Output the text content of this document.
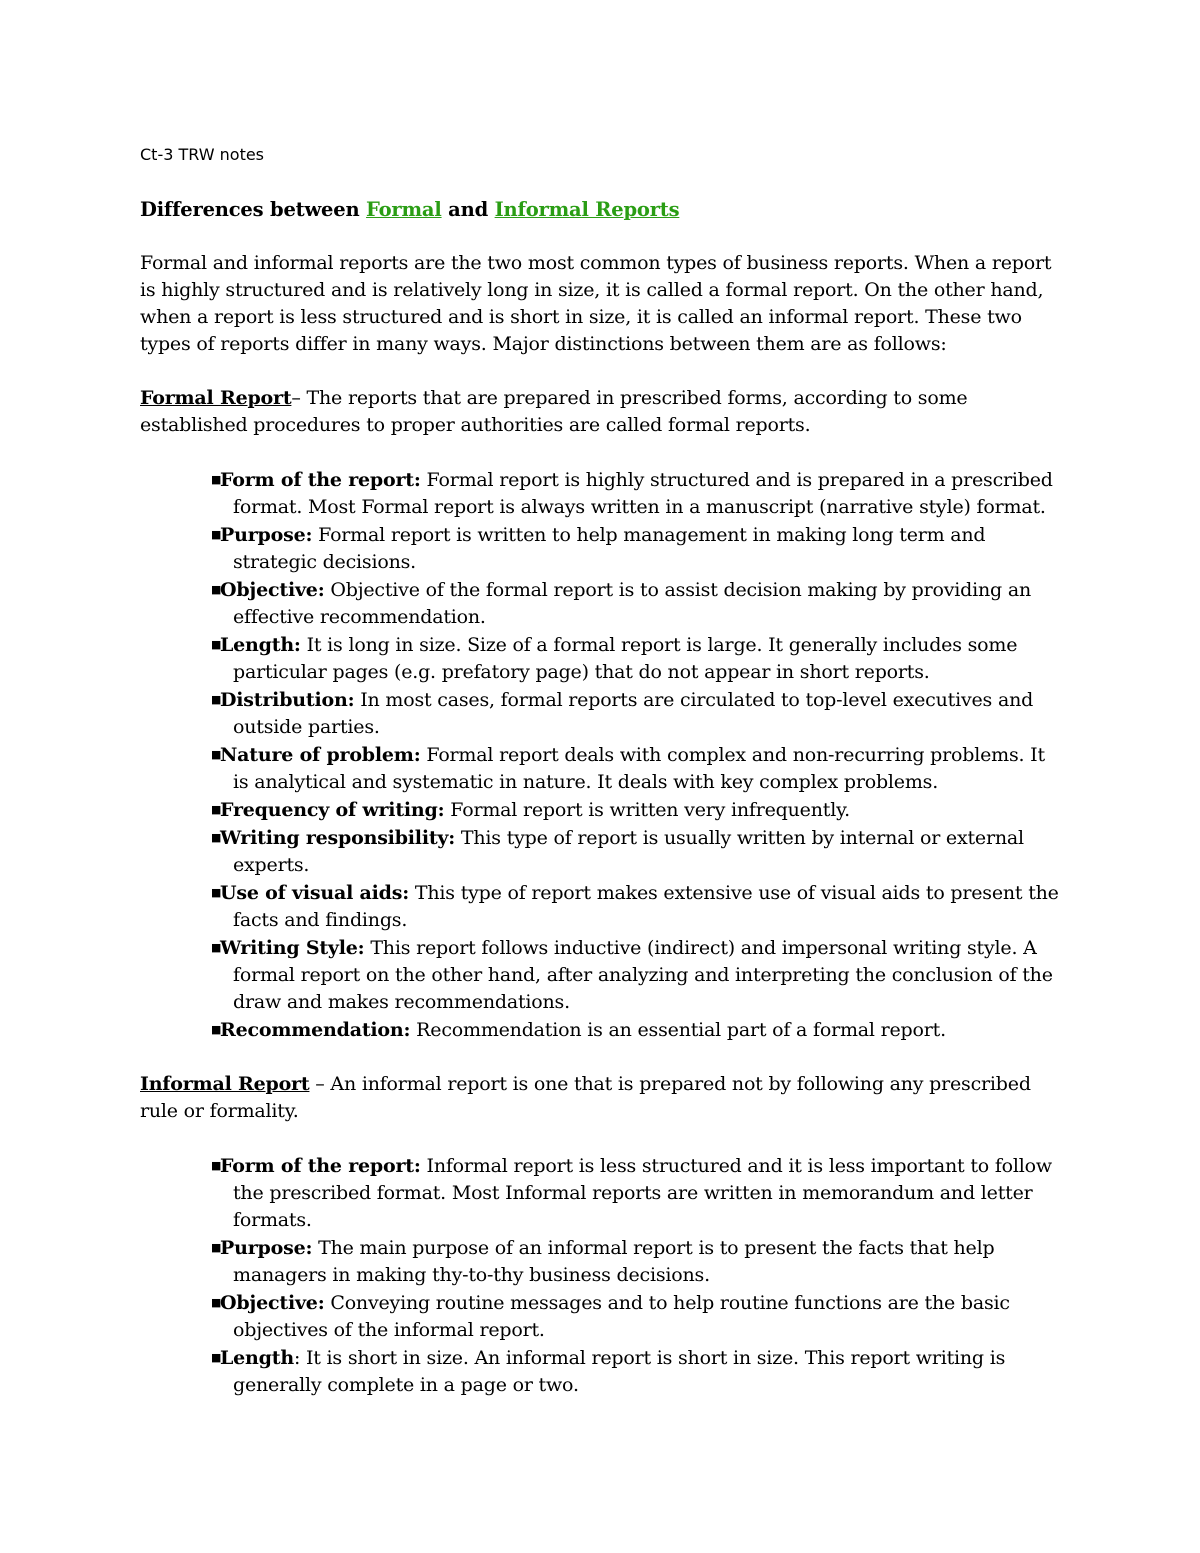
Ct-3 TRW notes
Differences between Formal and Informal Reports

Formal and informal reports are the two most common types of business reports. When a report is highly structured and is relatively long in size, it is called a formal report. On the other hand, when a report is less structured and is short in size, it is called an informal report. These two types of reports differ in many ways. Major distinctions between them are as follows:

Formal Report– The reports that are prepared in prescribed forms, according to some established procedures to proper authorities are called formal reports.

■Form of the report: Formal report is highly structured and is prepared in a prescribed format. Most Formal report is always written in a manuscript (narrative style) format.
■Purpose: Formal report is written to help management in making long term and strategic decisions.
■Objective: Objective of the formal report is to assist decision making by providing an effective recommendation.
■Length: It is long in size. Size of a formal report is large. It generally includes some particular pages (e.g. prefatory page) that do not appear in short reports.
■Distribution: In most cases, formal reports are circulated to top-level executives and outside parties.
■Nature of problem: Formal report deals with complex and non-recurring problems. It is analytical and systematic in nature. It deals with key complex problems.
■Frequency of writing: Formal report is written very infrequently.
■Writing responsibility: This type of report is usually written by internal or external experts.
■Use of visual aids: This type of report makes extensive use of visual aids to present the facts and findings.
■Writing Style: This report follows inductive (indirect) and impersonal writing style. A formal report on the other hand, after analyzing and interpreting the conclusion of the draw and makes recommendations.
■Recommendation: Recommendation is an essential part of a formal report.

Informal Report – An informal report is one that is prepared not by following any prescribed rule or formality.

■Form of the report: Informal report is less structured and it is less important to follow the prescribed format. Most Informal reports are written in memorandum and letter formats.
■Purpose: The main purpose of an informal report is to present the facts that help managers in making thy-to-thy business decisions.
■Objective: Conveying routine messages and to help routine functions are the basic objectives of the informal report.
■Length: It is short in size. An informal report is short in size. This report writing is generally complete in a page or two.
